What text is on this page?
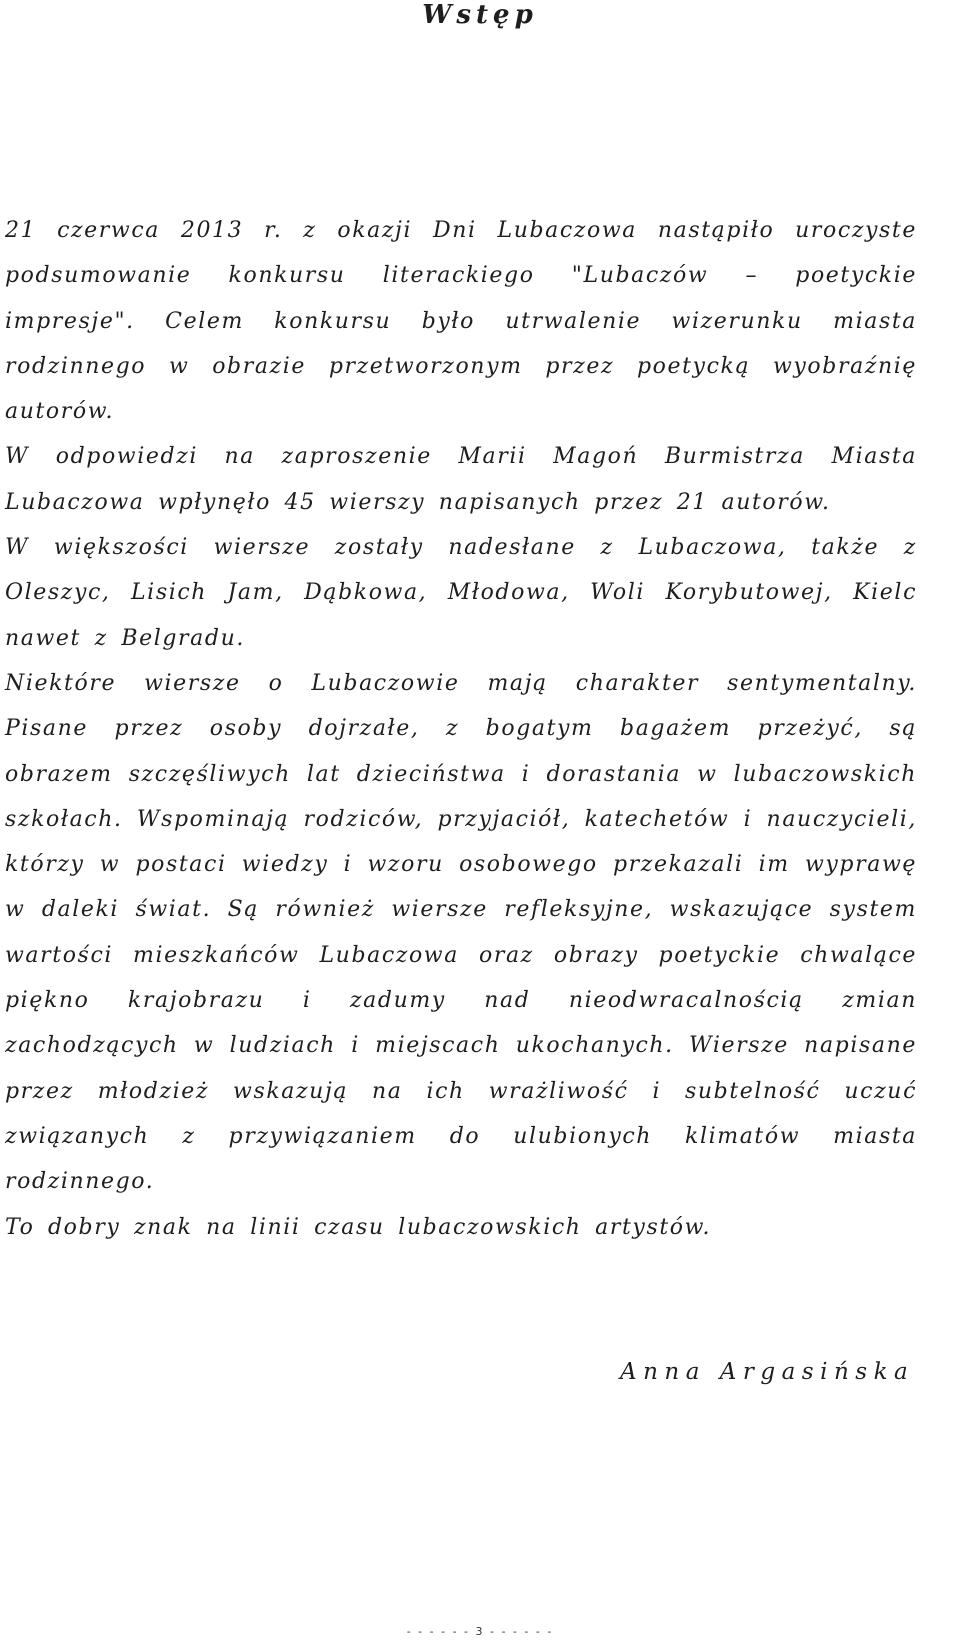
Wstęp

21 czerwca 2013 r. z okazji Dni Lubaczowa nastąpiło uroczyste podsumowanie konkursu literackiego "Lubaczów – poetyckie impresje". Celem konkursu było utrwalenie wizerunku miasta rodzinnego w obrazie przetworzonym przez poetycką wyobraźnię autorów.

W odpowiedzi na zaproszenie Marii Magoń Burmistrza Miasta Lubaczowa wpłynęło 45 wierszy napisanych przez 21 autorów.

W większości wiersze zostały nadesłane z Lubaczowa, także z Oleszyc, Lisich Jam, Dąbkowa, Młodowa, Woli Korybutowej, Kielc nawet z Belgradu.

Niektóre wiersze o Lubaczowie mają charakter sentymentalny. Pisane przez osoby dojrzałe, z bogatym bagażem przeżyć, są obrazem szczęśliwych lat dzieciństwa i dorastania w lubaczowskich szkołach. Wspominają rodziców, przyjaciół, katechetów i nauczycieli, którzy w postaci wiedzy i wzoru osobowego przekazali im wyprawę w daleki świat. Są również wiersze refleksyjne, wskazujące system wartości mieszkańców Lubaczowa oraz obrazy poetyckie chwalące piękno krajobrazu i zadumy nad nieodwracalnością zmian zachodzących w ludziach i miejscach ukochanych. Wiersze napisane przez młodzież wskazują na ich wrażliwość i subtelność uczuć związanych z przywiązaniem do ulubionych klimatów miasta rodzinnego.

To dobry znak na linii czasu lubaczowskich artystów.

Anna Argasińska

- - - - - - 3 - - - - - -
